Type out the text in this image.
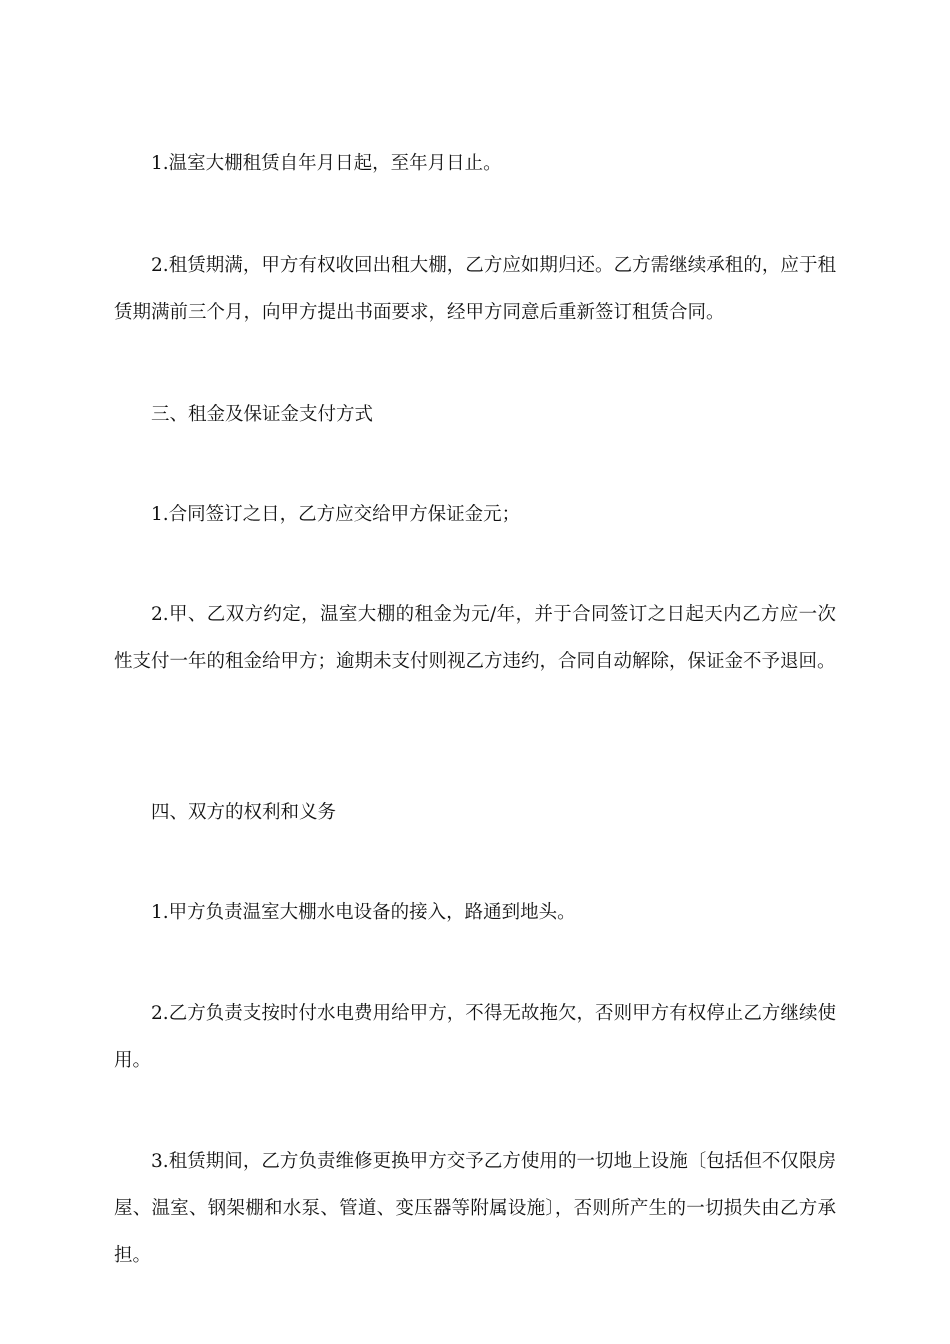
1.温室大棚租赁自年月日起，至年月日止。

2.租赁期满，甲方有权收回出租大棚，乙方应如期归还。乙方需继续承租的，应于租赁期满前三个月，向甲方提出书面要求，经甲方同意后重新签订租赁合同。

三、租金及保证金支付方式

1.合同签订之日，乙方应交给甲方保证金元；

2.甲、乙双方约定，温室大棚的租金为元/年，并于合同签订之日起天内乙方应一次性支付一年的租金给甲方；逾期未支付则视乙方违约，合同自动解除，保证金不予退回。

四、双方的权利和义务

1.甲方负责温室大棚水电设备的接入，路通到地头。

2.乙方负责支按时付水电费用给甲方，不得无故拖欠，否则甲方有权停止乙方继续使用。

3.租赁期间，乙方负责维修更换甲方交予乙方使用的一切地上设施〔包括但不仅限房屋、温室、钢架棚和水泵、管道、变压器等附属设施〕，否则所产生的一切损失由乙方承担。
